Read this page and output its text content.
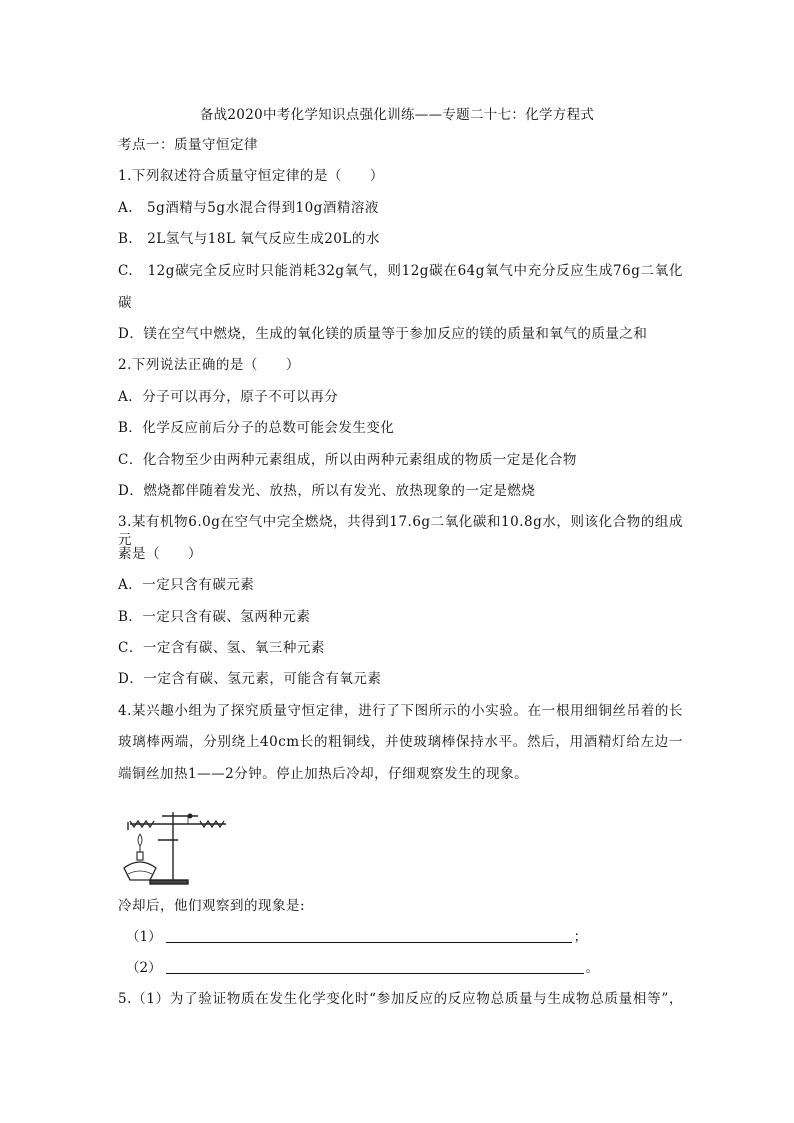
备战2020中考化学知识点强化训练——专题二十七：化学方程式
考点一：质量守恒定律
1.下列叙述符合质量守恒定律的是（　　）
A.　5g酒精与5g水混合得到10g酒精溶液
B.　2L氢气与18L 氧气反应生成20L的水
C.　12g碳完全反应时只能消耗32g氧气，则12g碳在64g氧气中充分反应生成76g二氧化
碳
D．镁在空气中燃烧，生成的氧化镁的质量等于参加反应的镁的质量和氧气的质量之和
2.下列说法正确的是（　　）
A．分子可以再分，原子不可以再分
B．化学反应前后分子的总数可能会发生变化
C．化合物至少由两种元素组成，所以由两种元素组成的物质一定是化合物
D．燃烧都伴随着发光、放热，所以有发光、放热现象的一定是燃烧
3.某有机物6.0g在空气中完全燃烧，共得到17.6g二氧化碳和10.8g水，则该化合物的组成元
素是（　　）
A．一定只含有碳元素
B．一定只含有碳、氢两种元素
C．一定含有碳、氢、氧三种元素
D．一定含有碳、氢元素，可能含有氧元素
4.某兴趣小组为了探究质量守恒定律，进行了下图所示的小实验。在一根用细铜丝吊着的长
玻璃棒两端，分别绕上40cm长的粗铜线，并使玻璃棒保持水平。然后，用酒精灯给左边一
端铜丝加热1——2分钟。停止加热后冷却，仔细观察发生的现象。
冷却后，他们观察到的现象是:
（1）	；
（2）	。
5.（1）为了验证物质在发生化学变化时“参加反应的反应物总质量与生成物总质量相等”，
